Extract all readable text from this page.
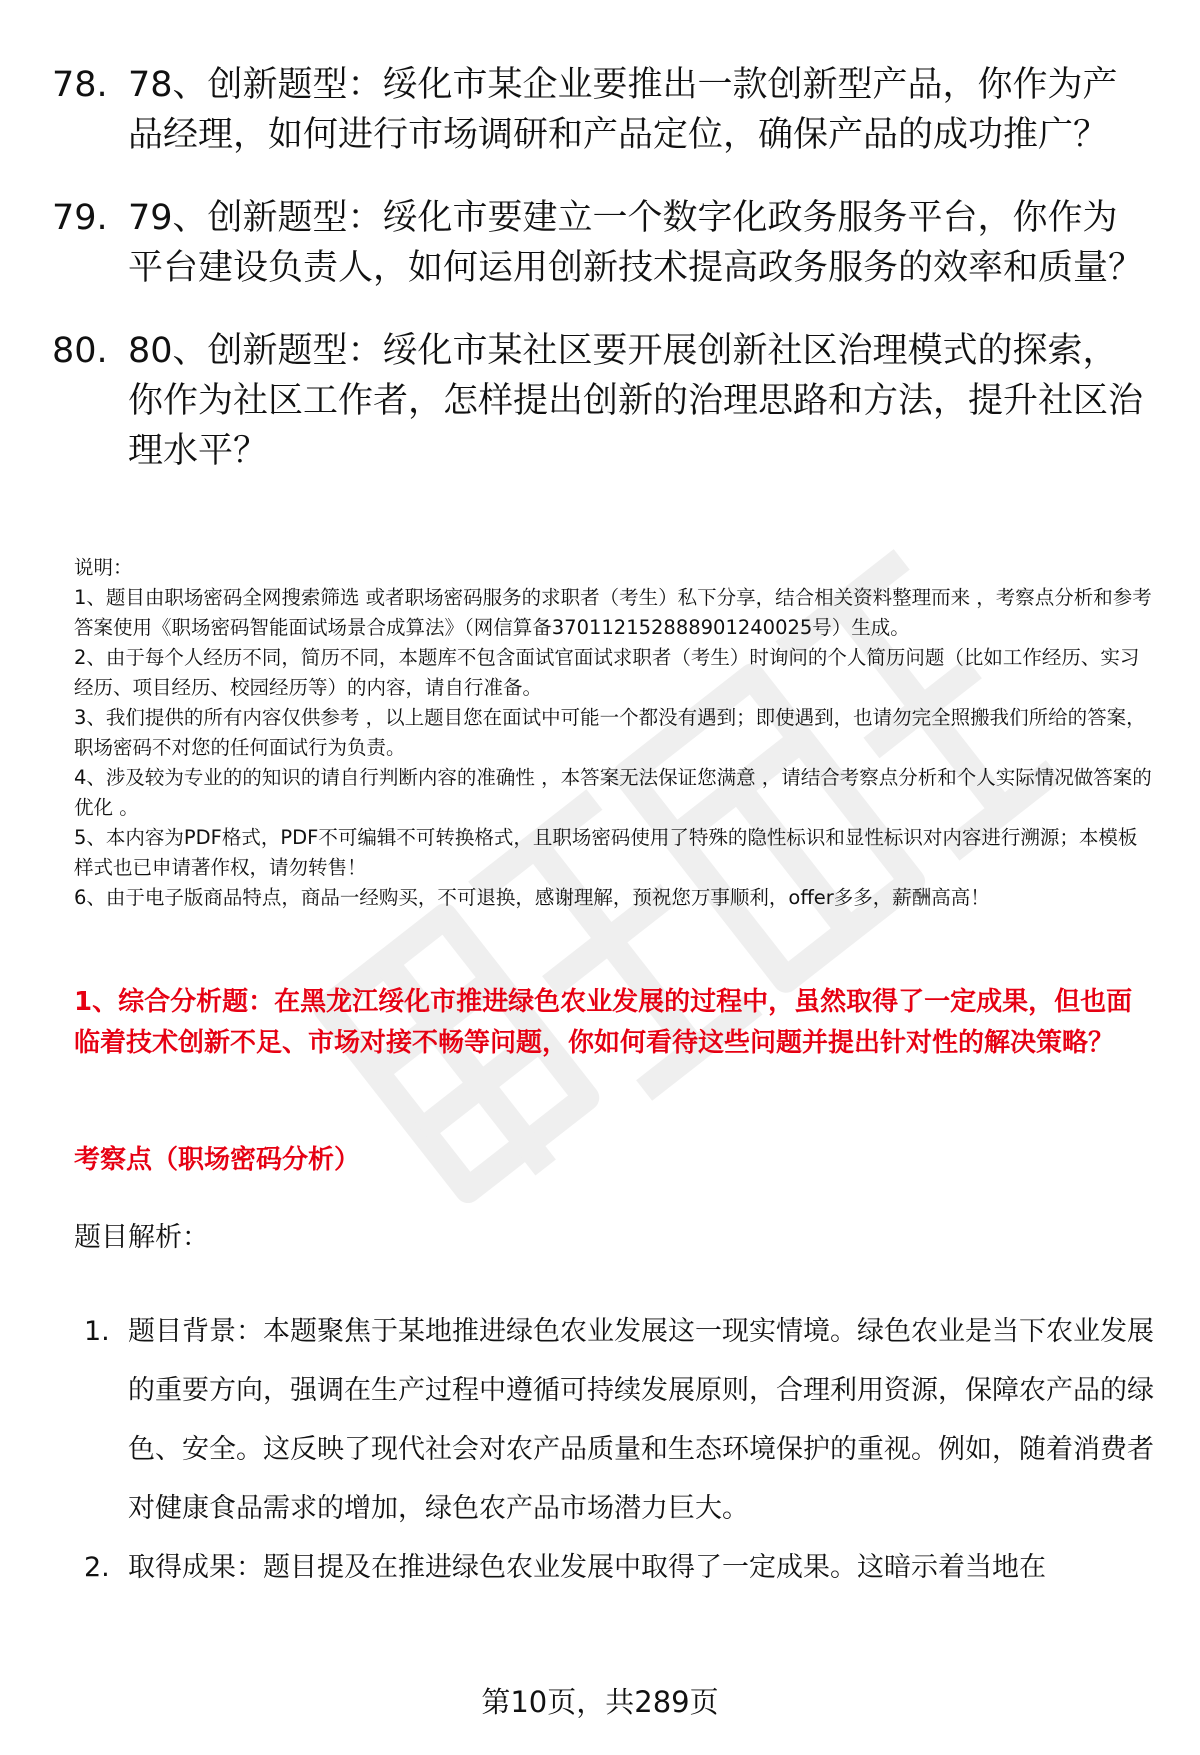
78. 78、创新题型：绥化市某企业要推出一款创新型产品，你作为产品经理，如何进行市场调研和产品定位，确保产品的成功推广？
79. 79、创新题型：绥化市要建立一个数字化政务服务平台，你作为平台建设负责人，如何运用创新技术提高政务服务的效率和质量？
80. 80、创新题型：绥化市某社区要开展创新社区治理模式的探索，你作为社区工作者，怎样提出创新的治理思路和方法，提升社区治理水平？

说明：

1、题目由职场密码全网搜索筛选 或者职场密码服务的求职者（考生）私下分享，结合相关资料整理而来 ，考察点分析和参考答案使用《职场密码智能面试场景合成算法》（网信算备370112152888901240025号）生成。

2、由于每个人经历不同，简历不同，本题库不包含面试官面试求职者（考生）时询问的个人简历问题（比如工作经历、实习经历、项目经历、校园经历等）的内容，请自行准备。

3、我们提供的所有内容仅供参考 ，以上题目您在面试中可能一个都没有遇到；即使遇到，也请勿完全照搬我们所给的答案，职场密码不对您的任何面试行为负责。

4、涉及较为专业的的知识的请自行判断内容的准确性 ，本答案无法保证您满意 ，请结合考察点分析和个人实际情况做答案的优化 。

5、本内容为PDF格式，PDF不可编辑不可转换格式，且职场密码使用了特殊的隐性标识和显性标识对内容进行溯源；本模板样式也已申请著作权，请勿转售！

6、由于电子版商品特点，商品一经购买，不可退换，感谢理解，预祝您万事顺利，offer多多，薪酬高高！

1、综合分析题：在黑龙江绥化市推进绿色农业发展的过程中，虽然取得了一定成果，但也面临着技术创新不足、市场对接不畅等问题，你如何看待这些问题并提出针对性的解决策略？
考察点（职场密码分析）
题目解析：
1. 题目背景：本题聚焦于某地推进绿色农业发展这一现实情境。绿色农业是当下农业发展的重要方向，强调在生产过程中遵循可持续发展原则，合理利用资源，保障农产品的绿色、安全。这反映了现代社会对农产品质量和生态环境保护的重视。例如，随着消费者对健康食品需求的增加，绿色农产品市场潜力巨大。
2. 取得成果：题目提及在推进绿色农业发展中取得了一定成果。这暗示着当地在
第10页，共289页
